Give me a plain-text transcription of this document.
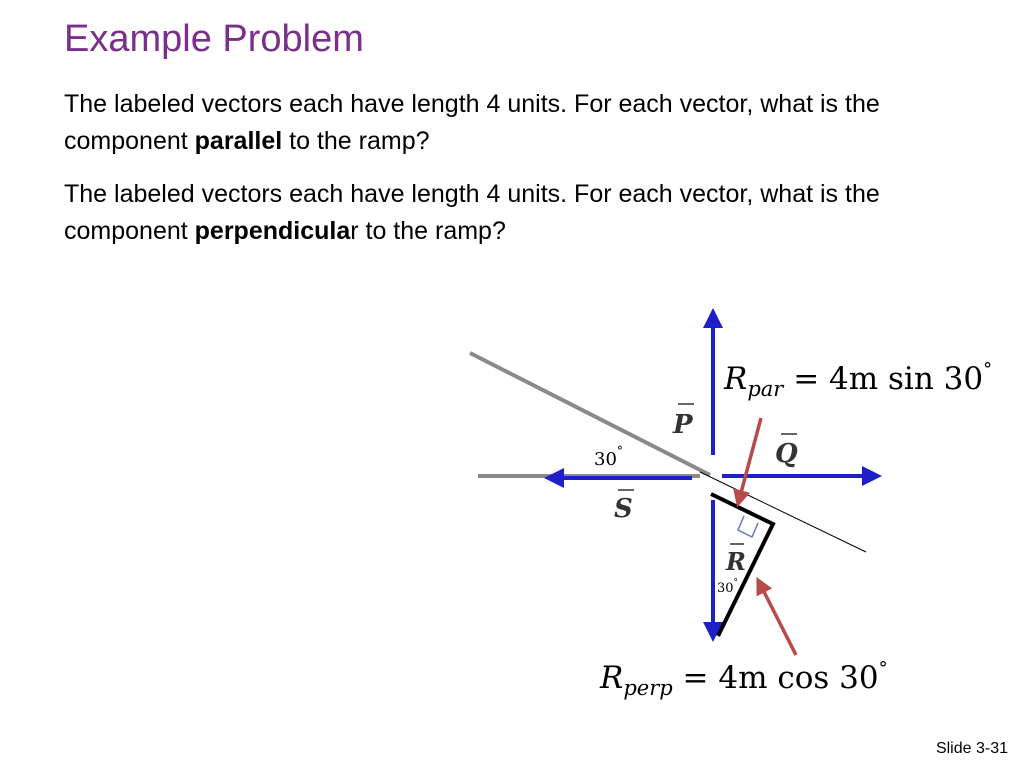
Example Problem
The labeled vectors each have length 4 units. For each vector, what is the component parallel to the ramp?
The labeled vectors each have length 4 units. For each vector, what is the component perpendicular to the ramp?
P
Q
S
R
30°
30°
$R_{par} = 4m$ sin 30°
$R_{perp} = 4m$ cos 30°
Slide 3-31
